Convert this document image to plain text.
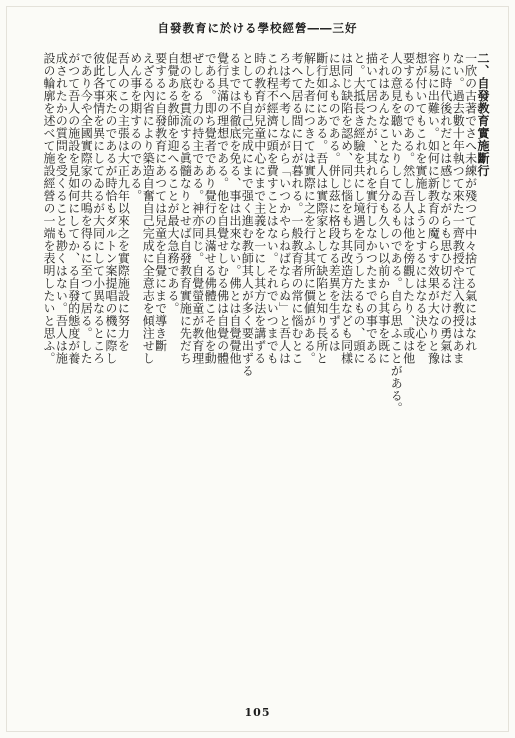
自發教育に於ける學校經營――三好
二、自發教育實施斷行
一欣の古著でさへ未練が殘つて中々捨てる氣にはなれ
ない。過去數十年執つて來た一齊教授や注入教授はあま
りに時代後れだとは感じながらも思ひ切るだけの勇氣は
容易に出難い。如何に新教育の魔らす效果が大なりと豫
想が付いてもこれを實施しようとするにはなる決心を
要するものである。然し吾人は他を傍觀したり、或は他
人の意見を聽いたりしてゐるものである。自ら思ふことがある。
それはあんなことなら自分も久しい以前から其事を既に
描いて居つたが、其れを實行しなかつたまでの事である
と。大抵長き經驗を共にし境遇を同うしたるもの、頭に
は同じ缺陷を認め、同じ惱をもち其改造方法なども同樣
に思ふものである。併し茲に格段なる差異を生ずるは
斷行如何にある。吾人は實際家として缺陷と知り長所と
解した者につきては實際に之を行ふ其所に價値がある。
考へて居る間に日が暮れる。一般教育者の常に惱むとこ
ろは考へ考しながら「いつかやらねばならぬ」と吾人は
これ程不經濟に頭を費すことはない。それでいつまでも
時の教育が兒童中心にまで主義を一にし其方法を講ずる
としても自己完成にまで强く進む教師其人が多く要出ずる
るまでは不徹底を免る、事は出來ない。佛とは自覺覺他
覺行具滿の理想である。他を自覺せしむる佛は自覺の體
である。即ち覺者であり覺行の具滿せる佛體こそ他を動
ぜしむる力の持主である。神亦同じ。自覺螢童が教育理
想の底を貫流する眞髓なりとせば自發教育實施に先だち
自覺ある教師を迎へることが最大急務である。
要するに自發教育にあつては兒童を自覺にまで導き斷
えざる內省により築造自奮自己完成に全意志を傾注せし
めん事を期するのである。
吾人のこの主張は大正九年以來之を實際施設に努力を
促して來たのであるが時恰もダルトン案提唱の機に際し
彼此各事情を異にしてゐるが大同にして小異なるところ
であり今や全國實際家の共鳴を得るに至つて居る。した
がつて吾人の施設を見如何にしてか、る自發的態度が養
成されたかの質問を受くることも尠くはない。吾人は施
設の輪廓を述べて施設經營の一端を表明したいと思ふ。
105
